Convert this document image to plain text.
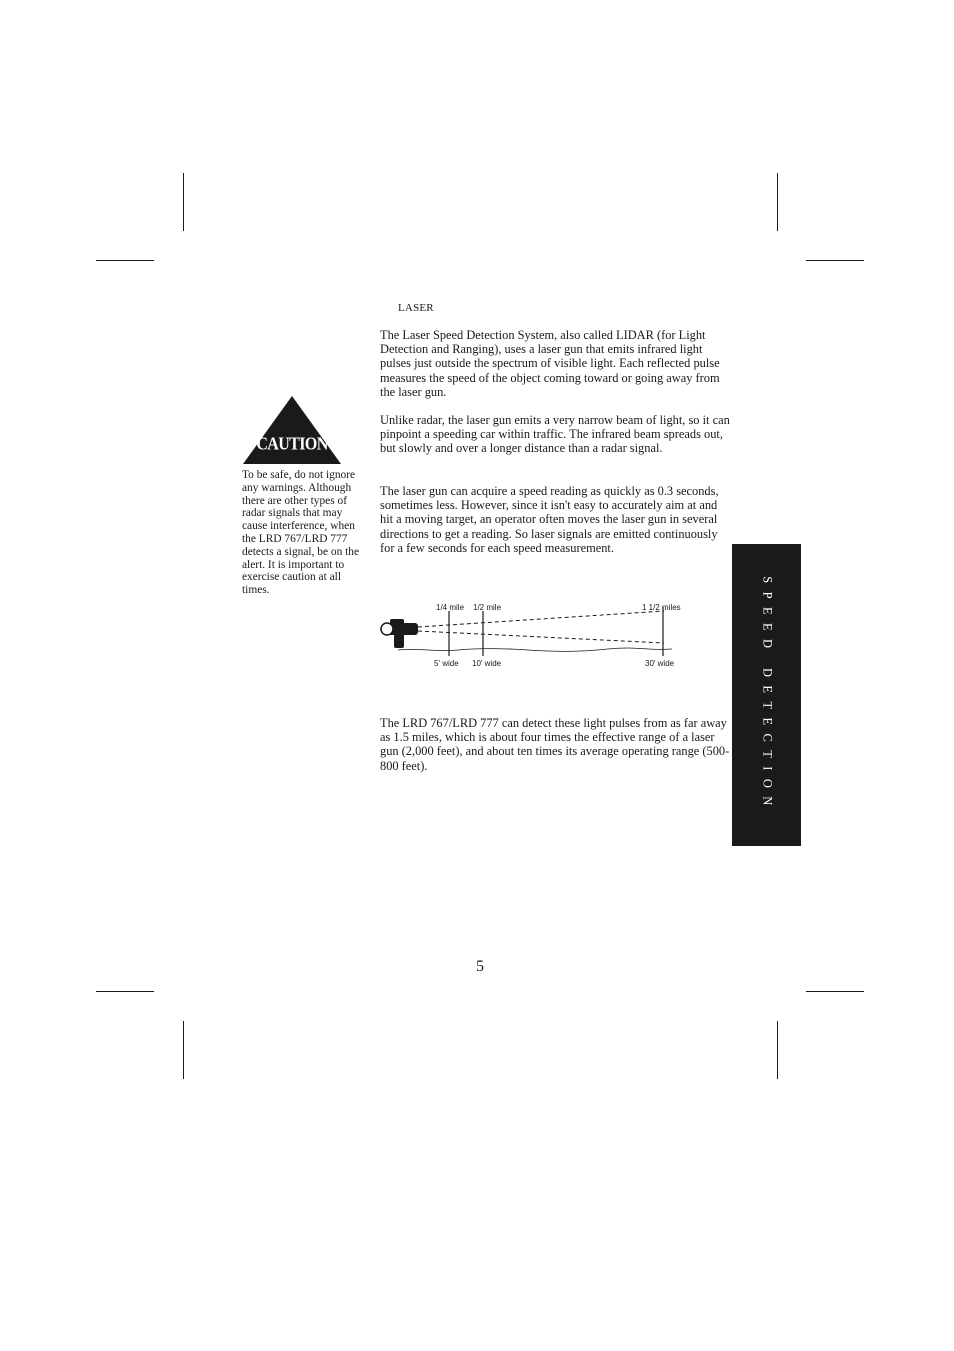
LASER

The Laser Speed Detection System, also called LIDAR (for Light Detection and Ranging), uses a laser gun that emits infrared light pulses just outside the spectrum of visible light. Each reflected pulse measures the speed of the object coming toward or going away from the laser gun.

Unlike radar, the laser gun emits a very narrow beam of light, so it can pinpoint a speeding car within traffic. The infrared beam spreads out, but slowly and over a longer distance than a radar signal.

The laser gun can acquire a speed reading as quickly as 0.3 seconds, sometimes less. However, since it isn't easy to accurately aim at and hit a moving target, an operator often moves the laser gun in several directions to get a reading. So laser signals are emitted continuously for a few seconds for each speed measurement.

CAUTION

To be safe, do not ignore any warnings. Although there are other types of radar signals that may cause interference, when the LRD 767/LRD 777 detects a signal, be on the alert. It is important to exercise caution at all times.

1/4 mile 1/2 mile	1 1/2 miles
5' wide 10' wide	30' wide

The LRD 767/LRD 777 can detect these light pulses from as far away as 1.5 miles, which is about four times the effective range of a laser gun (2,000 feet), and about ten times its average operating range (500-800 feet).	SPEED DETECTION
5
